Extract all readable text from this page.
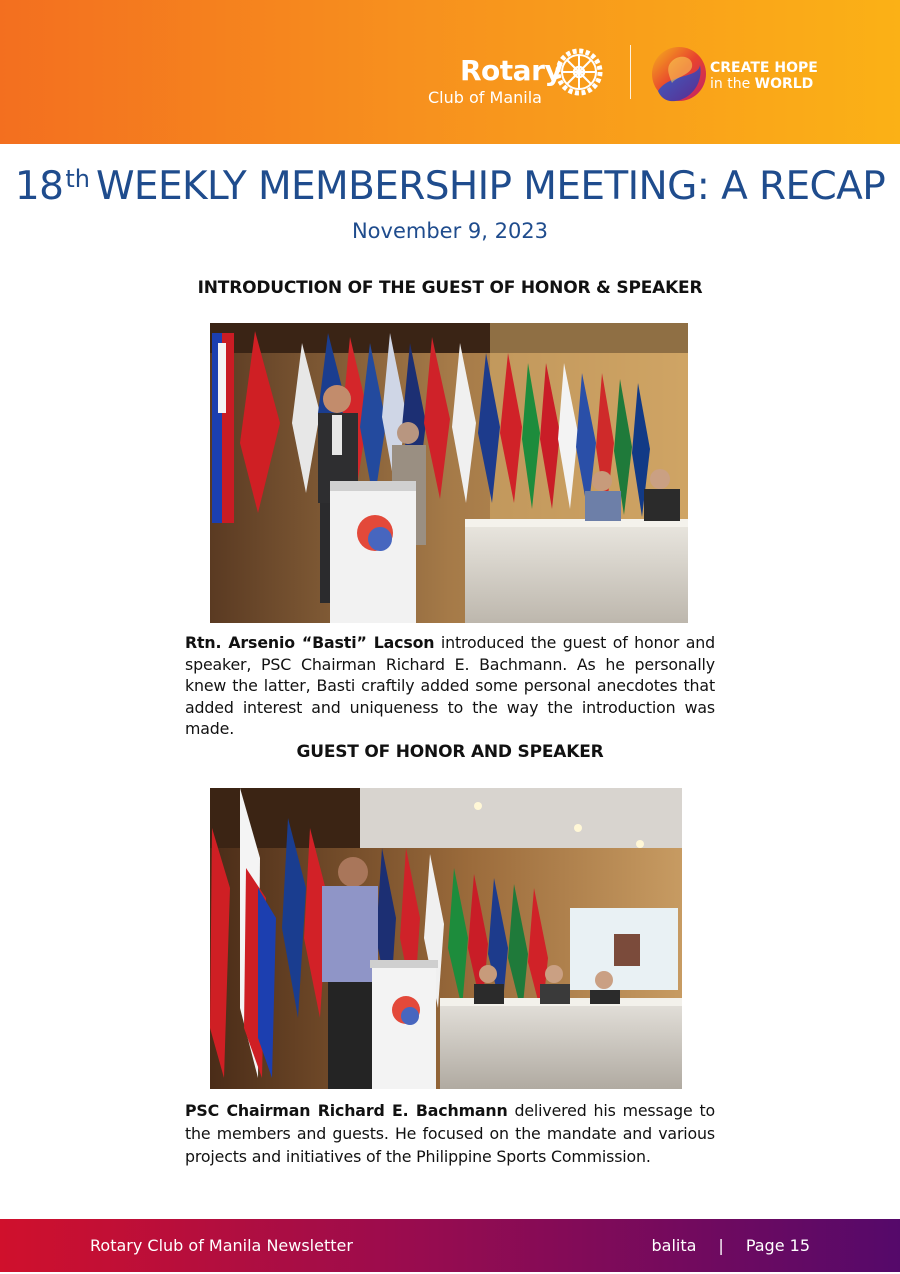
Rotary
Club of Manila
CREATE HOPE
in the WORLD
18th WEEKLY MEMBERSHIP MEETING: A RECAP
November 9, 2023
INTRODUCTION OF THE GUEST OF HONOR & SPEAKER
Rtn. Arsenio “Basti” Lacson introduced the guest of honor and speaker, PSC Chairman Richard E. Bachmann. As he personally knew the latter, Basti craftily added some personal anecdotes that added interest and uniqueness to the way the introduction was made.
GUEST OF HONOR AND SPEAKER
PSC Chairman Richard E. Bachmann delivered his message to the members and guests. He focused on the mandate and various projects and initiatives of the Philippine Sports Commission.
Rotary Club of Manila Newsletter	balita | Page 15
